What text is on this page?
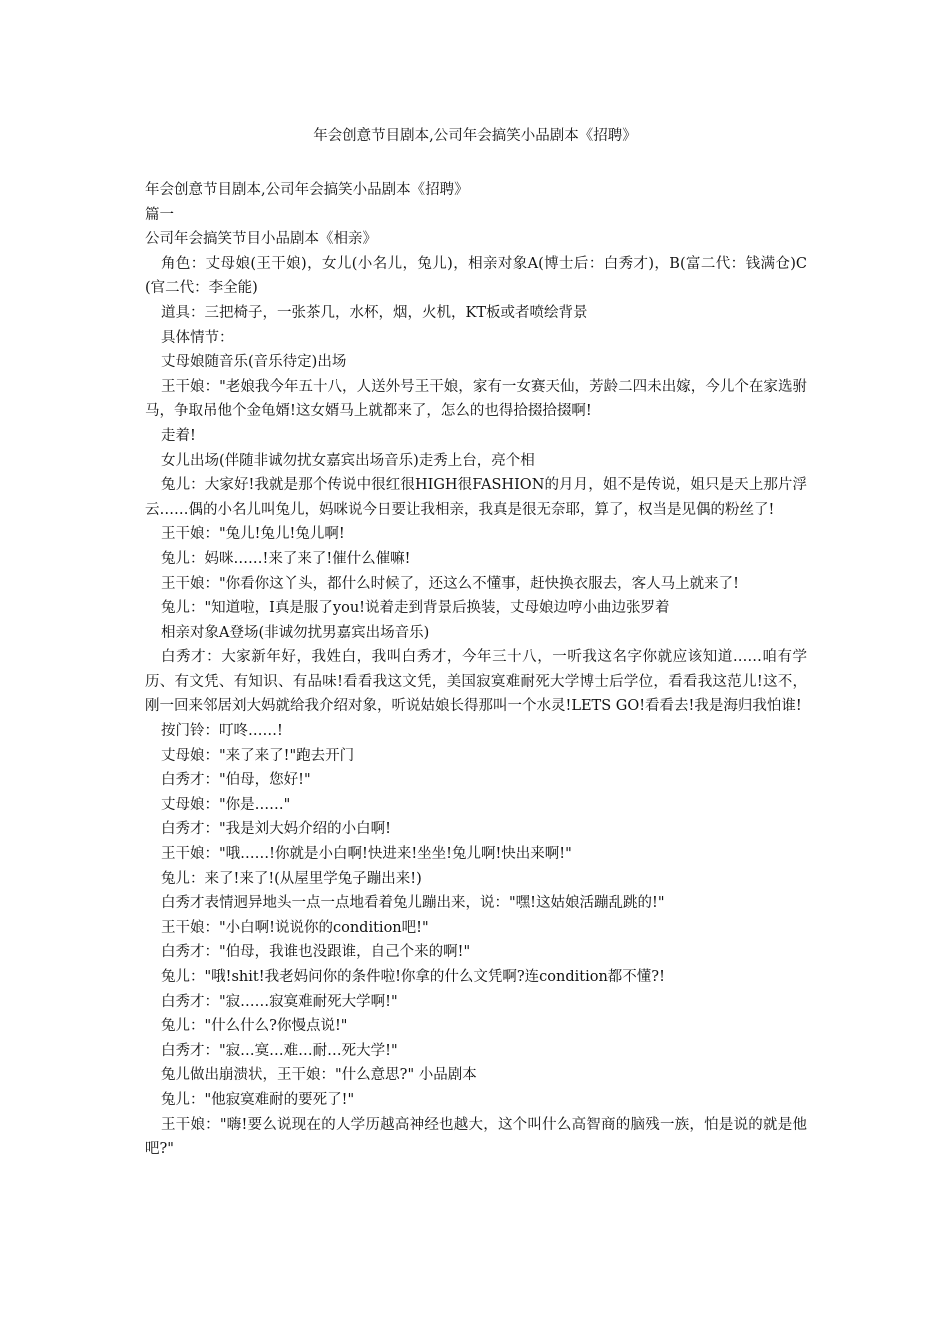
年会创意节目剧本,公司年会搞笑小品剧本《招聘》

年会创意节目剧本,公司年会搞笑小品剧本《招聘》

篇一

公司年会搞笑节目小品剧本《相亲》

角色：丈母娘(王干娘)，女儿(小名儿，兔儿)，相亲对象A(博士后：白秀才)，B(富二代：钱满仓)C(官二代：李全能)

道具：三把椅子，一张茶几，水杯，烟，火机，KT板或者喷绘背景

具体情节：

丈母娘随音乐(音乐待定)出场

王干娘："老娘我今年五十八，人送外号王干娘，家有一女赛天仙，芳龄二四未出嫁，今儿个在家选驸马，争取吊他个金龟婿!这女婿马上就都来了，怎么的也得拾掇拾掇啊!

走着!

女儿出场(伴随非诚勿扰女嘉宾出场音乐)走秀上台，亮个相

兔儿：大家好!我就是那个传说中很红很HIGH很FASHION的月月，姐不是传说，姐只是天上那片浮云……偶的小名儿叫兔儿，妈咪说今日要让我相亲，我真是很无奈耶，算了，权当是见偶的粉丝了!

王干娘："兔儿!兔儿!兔儿啊!

兔儿：妈咪……!来了来了!催什么催嘛!

王干娘："你看你这丫头，都什么时候了，还这么不懂事，赶快换衣服去，客人马上就来了!

兔儿："知道啦，I真是服了you!说着走到背景后换装，丈母娘边哼小曲边张罗着

相亲对象A登场(非诚勿扰男嘉宾出场音乐)

白秀才：大家新年好，我姓白，我叫白秀才，今年三十八，一听我这名字你就应该知道……咱有学历、有文凭、有知识、有品味!看看我这文凭，美国寂寞难耐死大学博士后学位，看看我这范儿!这不，刚一回来邻居刘大妈就给我介绍对象，听说姑娘长得那叫一个水灵!LETS GO!看看去!我是海归我怕谁!

按门铃：叮咚……!

丈母娘："来了来了!"跑去开门

白秀才："伯母，您好!"

丈母娘："你是……"

白秀才："我是刘大妈介绍的小白啊!

王干娘："哦……!你就是小白啊!快进来!坐坐!兔儿啊!快出来啊!"

兔儿：来了!来了!(从屋里学兔子蹦出来!)

白秀才表情迥异地头一点一点地看着兔儿蹦出来，说："嘿!这姑娘活蹦乱跳的!"

王干娘："小白啊!说说你的condition吧!"

白秀才："伯母，我谁也没跟谁，自己个来的啊!"

兔儿："哦!shit!我老妈问你的条件啦!你拿的什么文凭啊?连condition都不懂?!

白秀才："寂……寂寞难耐死大学啊!"

兔儿："什么什么?你慢点说!"

白秀才："寂…寞…难…耐…死大学!"

兔儿做出崩溃状，王干娘："什么意思?" 小品剧本

兔儿："他寂寞难耐的要死了!"

王干娘："嗨!要么说现在的人学历越高神经也越大，这个叫什么高智商的脑残一族，怕是说的就是他吧?"
